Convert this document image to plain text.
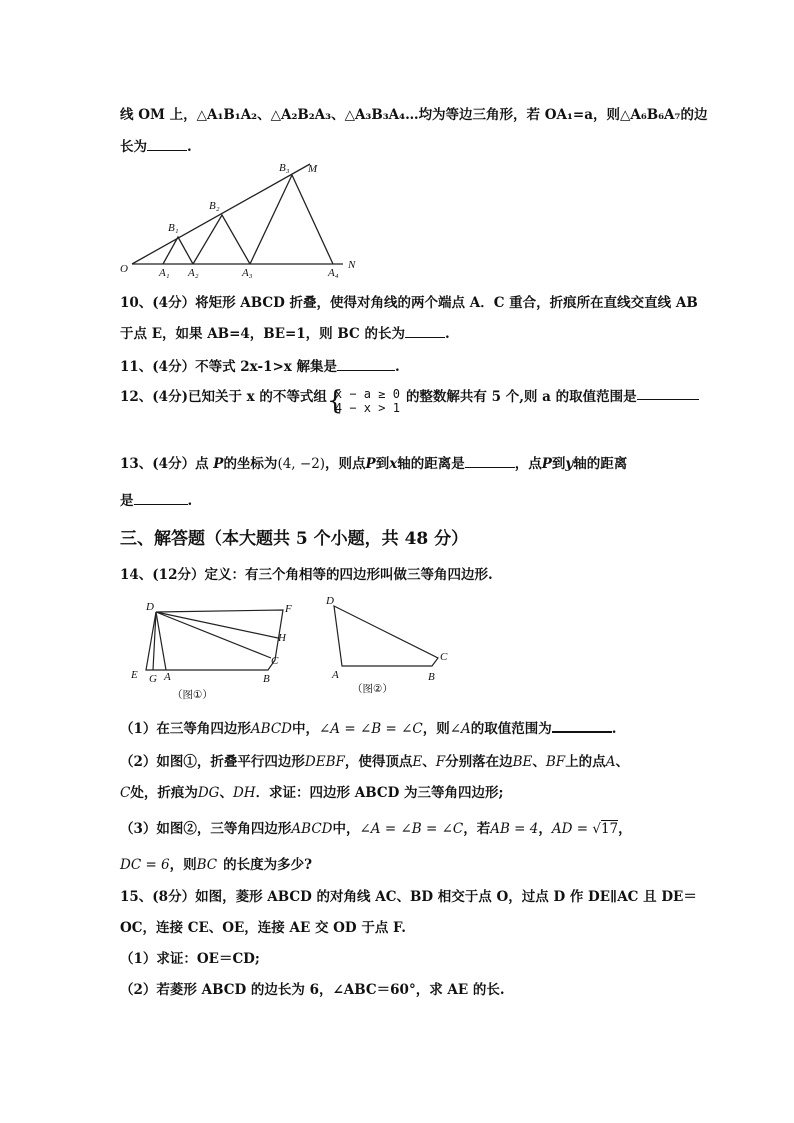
线 OM 上，△A₁B₁A₂、△A₂B₂A₃、△A₃B₃A₄…均为等边三角形，若 OA₁=a，则△A₆B₆A₇的边
长为	.
O	A₁ A₂	A₃	A₄
B₁
B₂
B₃ M
N
10、(4分）将矩形 ABCD 折叠，使得对角线的两个端点 A．C 重合，折痕所在直线交直线 AB
于点 E，如果 AB=4，BE=1，则 BC 的长为	.
11、(4分）不等式 2x-1>x 解集是	.
12、(4分)已知关于 x 的不等式组 {
x − a ≥ 0
4 − x > 1
的整数解共有 5 个,则 a 的取值范围是
13、(4分）点 P的坐标为(4, −2)，则点P到x轴的距离是	，点P到y轴的距离
是	.
三、解答题（本大题共 5 个小题，共 48 分）
14、(12分）定义：有三个角相等的四边形叫做三等角四边形.
D	F
H
C
E G A	B
（图①）
D
C
A	B
（图②）
（1）在三等角四边形ABCD中，∠A = ∠B = ∠C，则∠A的取值范围为	.
（2）如图①，折叠平行四边形DEBF，使得顶点E、F分别落在边BE、BF上的点A、
C处，折痕为DG、DH．求证：四边形 ABCD 为三等角四边形;
（3）如图②，三等角四边形ABCD中，∠A = ∠B = ∠C，若AB = 4，AD = √17，
DC = 6，则BC 的长度为多少?
15、(8分）如图，菱形 ABCD 的对角线 AC、BD 相交于点 O，过点 D 作 DE∥AC 且 DE＝
OC，连接 CE、OE，连接 AE 交 OD 于点 F.
（1）求证：OE＝CD;
（2）若菱形 ABCD 的边长为 6，∠ABC＝60°，求 AE 的长.
